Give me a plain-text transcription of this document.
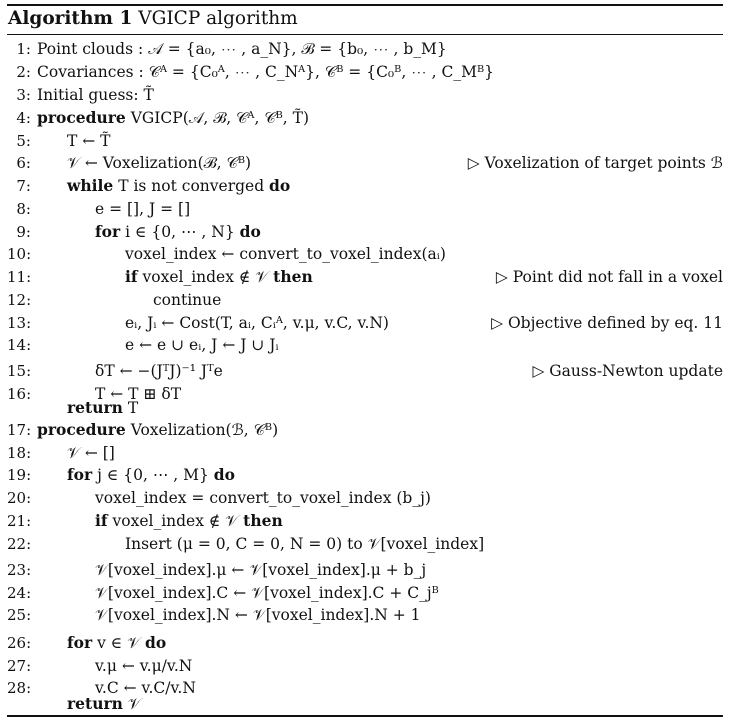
Algorithm 1 VGICP algorithm
1: Point clouds : 𝒜 = {a₀, ⋯ , a_N}, ℬ = {b₀, ⋯ , b_M}
2: Covariances : 𝒞ᴬ = {C₀ᴬ, ⋯ , C_Nᴬ}, 𝒞ᴮ = {C₀ᴮ, ⋯ , C_Mᴮ}
3: Initial guess: T̃
4: procedure VGICP(𝒜, ℬ, 𝒞ᴬ, 𝒞ᴮ, T̃)
5: T ← T̃
6: 𝒱 ← Voxelization(ℬ, 𝒞ᴮ)	▷ Voxelization of target points ℬ
7: while T is not converged do
8:	e = [], J = []
9:	for i ∈ {0, ⋯ , N} do
10:	voxel_index ← convert_to_voxel_index(aᵢ)
11:	if voxel_index ∉ 𝒱 then	▷ Point did not fall in a voxel
12:	continue
13:	eᵢ, Jᵢ ← Cost(T, aᵢ, Cᵢᴬ, v.μ, v.C, v.N)	▷ Objective defined by eq. 11
14:	e ← e ∪ eᵢ, J ← J ∪ Jᵢ
15:	δT ← −(JᵀJ)⁻¹ Jᵀe	▷ Gauss-Newton update
16:	T ← T ⊞ δT
return T
17: procedure Voxelization(ℬ, 𝒞ᴮ)
18: 𝒱 ← []
19: for j ∈ {0, ⋯ , M} do
20:	voxel_index = convert_to_voxel_index (b_j)
21:	if voxel_index ∉ 𝒱 then
22:	Insert (μ = 0, C = 0, N = 0) to 𝒱[voxel_index]
23:	𝒱[voxel_index].μ ← 𝒱[voxel_index].μ + b_j
24:	𝒱[voxel_index].C ← 𝒱[voxel_index].C + C_jᴮ
25:	𝒱[voxel_index].N ← 𝒱[voxel_index].N + 1
26: for v ∈ 𝒱 do
27:	v.μ ← v.μ/v.N
28:	v.C ← v.C/v.N
return 𝒱
